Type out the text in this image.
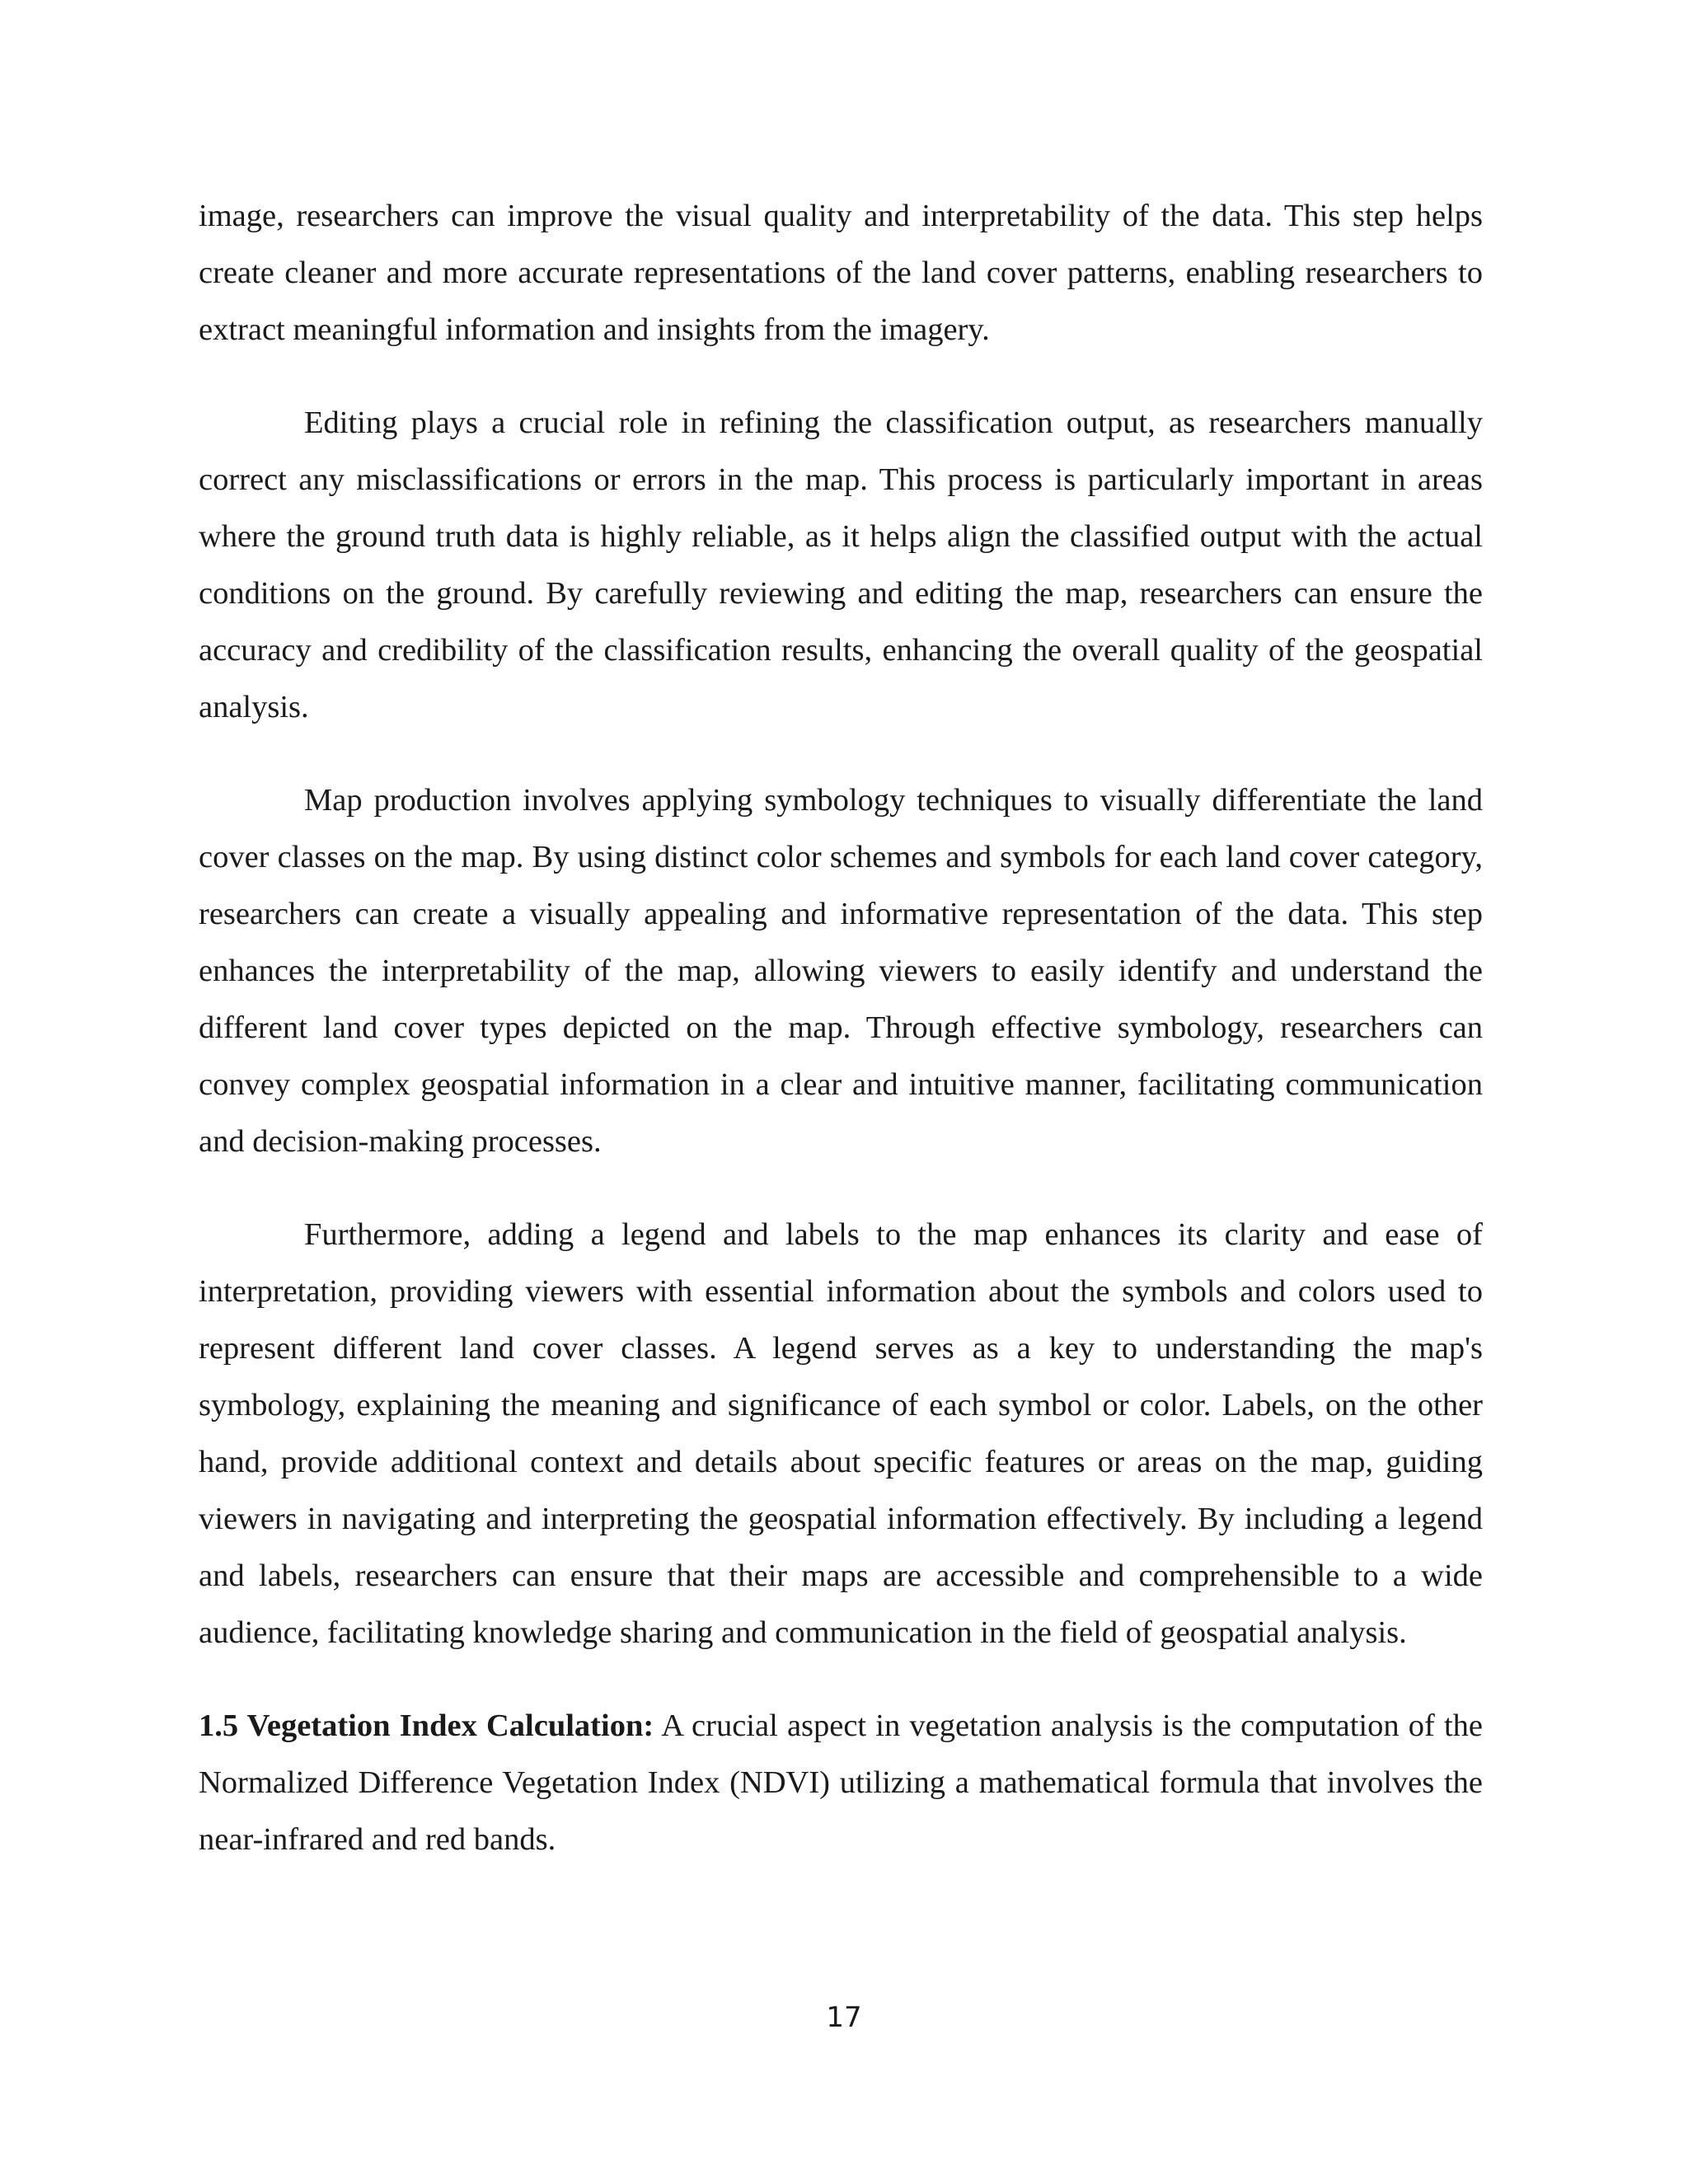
image, researchers can improve the visual quality and interpretability of the data. This step helps create cleaner and more accurate representations of the land cover patterns, enabling researchers to extract meaningful information and insights from the imagery.

Editing plays a crucial role in refining the classification output, as researchers manually correct any misclassifications or errors in the map. This process is particularly important in areas where the ground truth data is highly reliable, as it helps align the classified output with the actual conditions on the ground. By carefully reviewing and editing the map, researchers can ensure the accuracy and credibility of the classification results, enhancing the overall quality of the geospatial analysis.

Map production involves applying symbology techniques to visually differentiate the land cover classes on the map. By using distinct color schemes and symbols for each land cover category, researchers can create a visually appealing and informative representation of the data. This step enhances the interpretability of the map, allowing viewers to easily identify and understand the different land cover types depicted on the map. Through effective symbology, researchers can convey complex geospatial information in a clear and intuitive manner, facilitating communication and decision-making processes.

Furthermore, adding a legend and labels to the map enhances its clarity and ease of interpretation, providing viewers with essential information about the symbols and colors used to represent different land cover classes. A legend serves as a key to understanding the map's symbology, explaining the meaning and significance of each symbol or color. Labels, on the other hand, provide additional context and details about specific features or areas on the map, guiding viewers in navigating and interpreting the geospatial information effectively. By including a legend and labels, researchers can ensure that their maps are accessible and comprehensible to a wide audience, facilitating knowledge sharing and communication in the field of geospatial analysis.

1.5 Vegetation Index Calculation: A crucial aspect in vegetation analysis is the computation of the Normalized Difference Vegetation Index (NDVI) utilizing a mathematical formula that involves the near-infrared and red bands.

17
